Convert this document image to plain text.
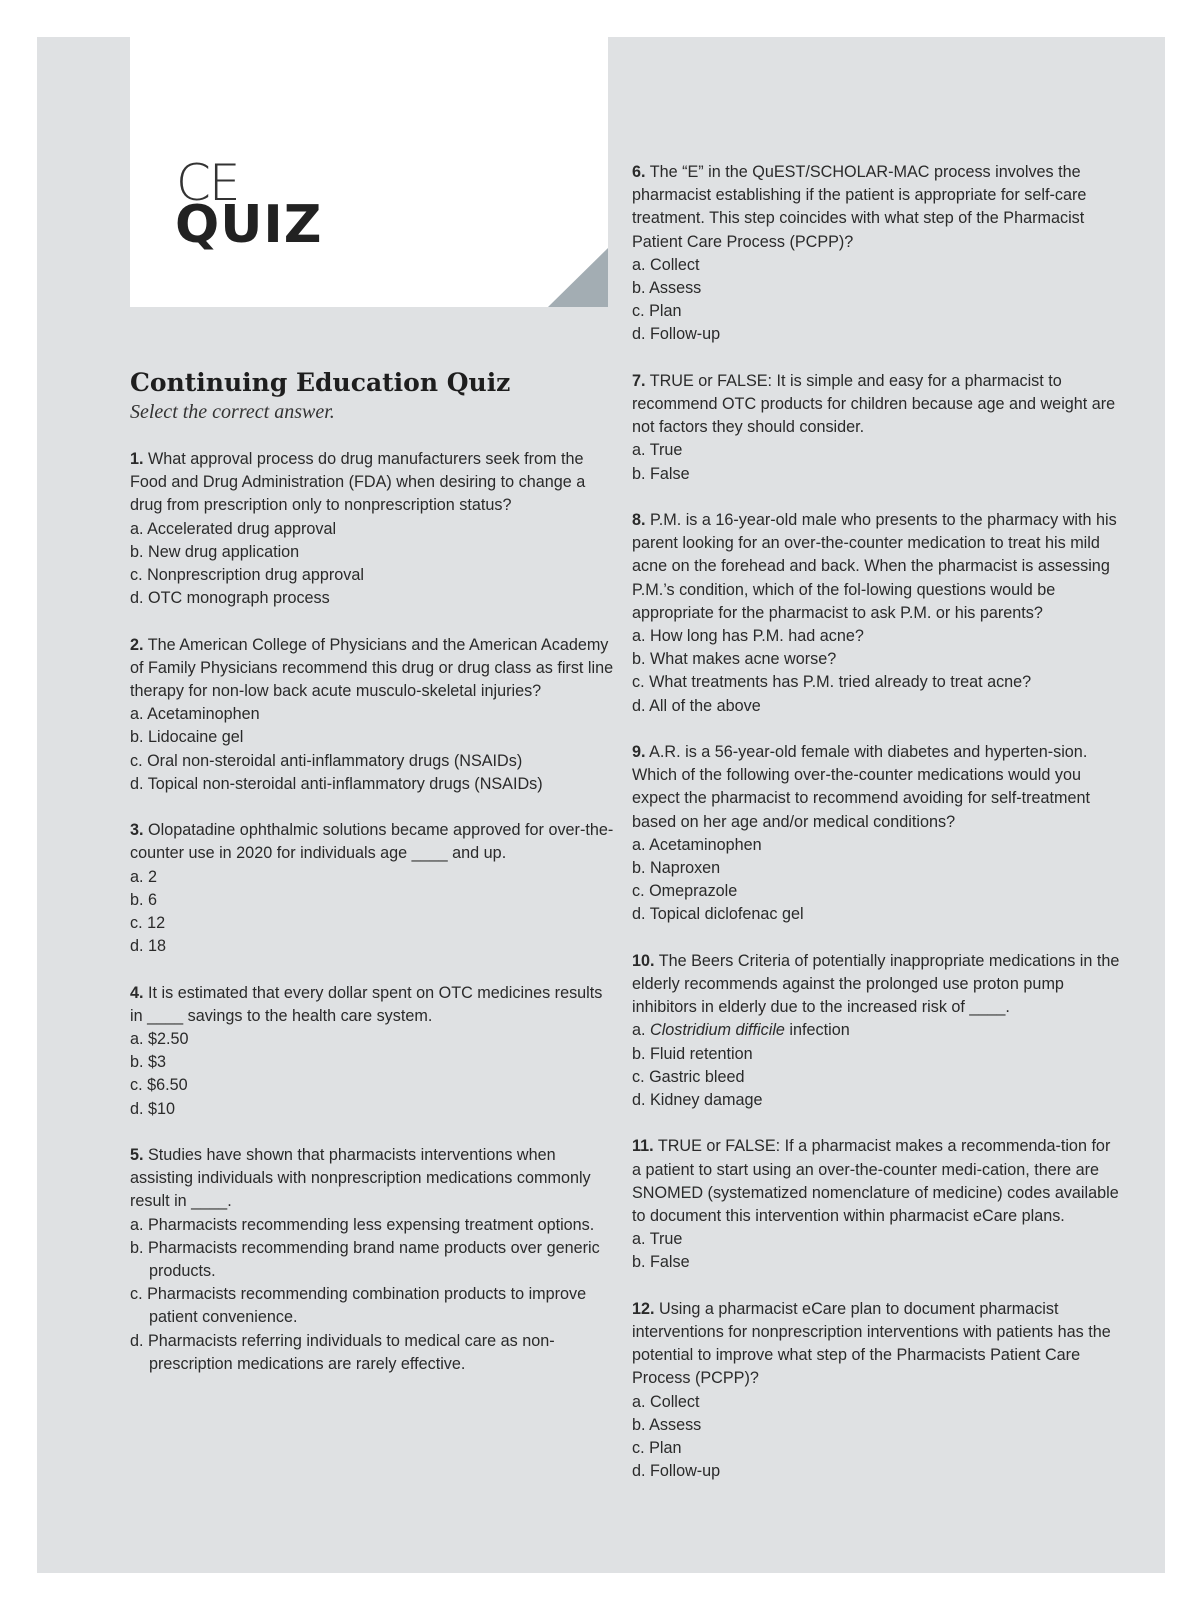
CE
QUIZ
Continuing Education Quiz
Select the correct answer.

1. What approval process do drug manufacturers seek from the Food and Drug Administration (FDA) when desiring to change a drug from prescription only to nonprescription status?

a. Accelerated drug approval

b. New drug application

c. Nonprescription drug approval

d. OTC monograph process

2. The American College of Physicians and the American Academy of Family Physicians recommend this drug or drug class as first line therapy for non-low back acute musculo-skeletal injuries?

a. Acetaminophen

b. Lidocaine gel

c. Oral non-steroidal anti-inflammatory drugs (NSAIDs)

d. Topical non-steroidal anti-inflammatory drugs (NSAIDs)

3. Olopatadine ophthalmic solutions became approved for over-the-counter use in 2020 for individuals age ____ and up.

a. 2

b. 6

c. 12

d. 18

4. It is estimated that every dollar spent on OTC medicines results in ____ savings to the health care system.

a. $2.50

b. $3

c. $6.50

d. $10

5. Studies have shown that pharmacists interventions when assisting individuals with nonprescription medications commonly result in ____.

a. Pharmacists recommending less expensing treatment options.

b. Pharmacists recommending brand name products over generic products.

c. Pharmacists recommending combination products to improve patient convenience.

d. Pharmacists referring individuals to medical care as non-prescription medications are rarely effective.

6. The “E” in the QuEST/SCHOLAR-MAC process involves the pharmacist establishing if the patient is appropriate for self-care treatment. This step coincides with what step of the Pharmacist Patient Care Process (PCPP)?

a. Collect

b. Assess

c. Plan

d. Follow-up

7. TRUE or FALSE: It is simple and easy for a pharmacist to recommend OTC products for children because age and weight are not factors they should consider.

a. True

b. False

8. P.M. is a 16-year-old male who presents to the pharmacy with his parent looking for an over-the-counter medication to treat his mild acne on the forehead and back. When the pharmacist is assessing P.M.’s condition, which of the fol-lowing questions would be appropriate for the pharmacist to ask P.M. or his parents?

a. How long has P.M. had acne?

b. What makes acne worse?

c. What treatments has P.M. tried already to treat acne?

d. All of the above

9. A.R. is a 56-year-old female with diabetes and hyperten-sion. Which of the following over-the-counter medications would you expect the pharmacist to recommend avoiding for self-treatment based on her age and/or medical conditions?

a. Acetaminophen

b. Naproxen

c. Omeprazole

d. Topical diclofenac gel

10. The Beers Criteria of potentially inappropriate medications in the elderly recommends against the prolonged use proton pump inhibitors in elderly due to the increased risk of ____.

a. Clostridium difficile infection

b. Fluid retention

c. Gastric bleed

d. Kidney damage

11. TRUE or FALSE: If a pharmacist makes a recommenda-tion for a patient to start using an over-the-counter medi-cation, there are SNOMED (systematized nomenclature of medicine) codes available to document this intervention within pharmacist eCare plans.

a. True

b. False

12. Using a pharmacist eCare plan to document pharmacist interventions for nonprescription interventions with patients has the potential to improve what step of the Pharmacists Patient Care Process (PCPP)?

a. Collect

b. Assess

c. Plan

d. Follow-up
